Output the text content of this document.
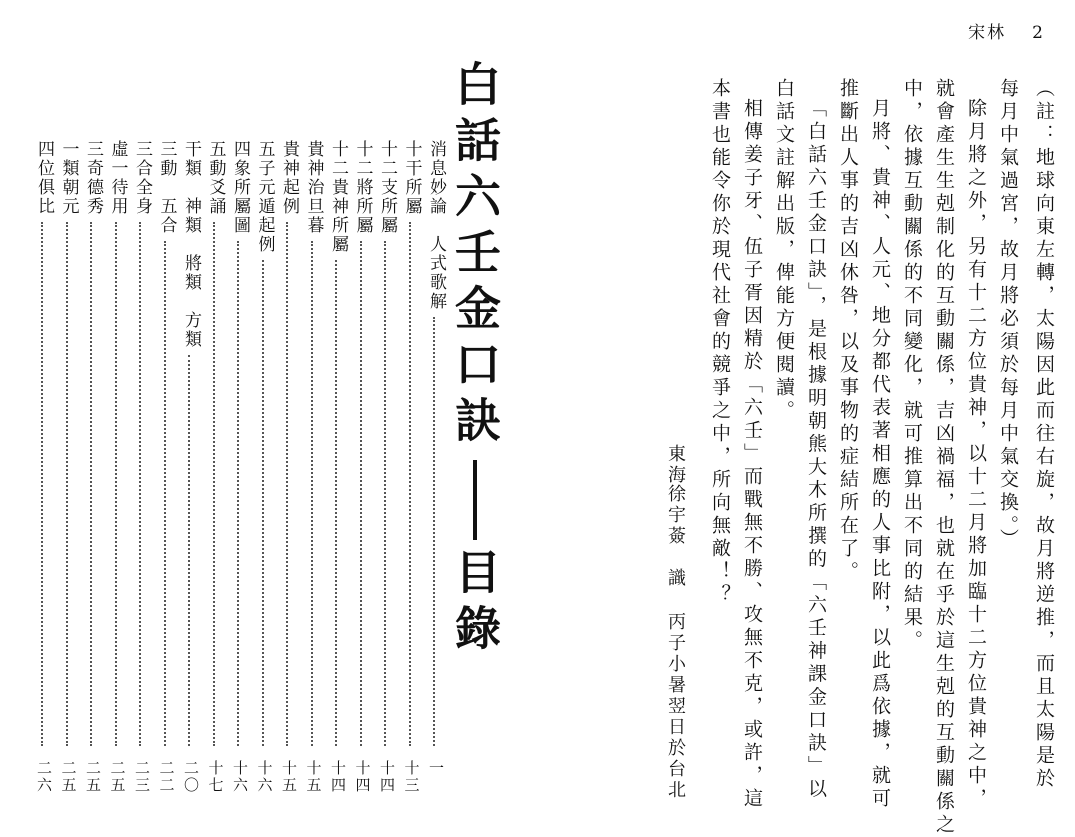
宋林 2
（註：地球向東左轉，太陽因此而往右旋，故月將逆推，而且太陽是於
每月中氣過宮，故月將必須於每月中氣交換。）
除月將之外，另有十二方位貴神，以十二月將加臨十二方位貴神之中，
就會產生生剋制化的互動關係，吉凶禍福，也就在乎於這生剋的互動關係之
中，依據互動關係的不同變化，就可推算出不同的結果。
月將、貴神、人元、地分都代表著相應的人事比附，以此爲依據，就可
推斷出人事的吉凶休咎，以及事物的症結所在了。
「白話六壬金口訣」，是根據明朝熊大木所撰的「六壬神課金口訣」以
白話文註解出版，俾能方便閱讀。
相傳姜子牙、伍子胥因精於「六壬」而戰無不勝、攻無不克，或許，這
本書也能令你於現代社會的競爭之中，所向無敵！？
東海
徐宇薟
識
丙子小暑翌日於台北
白話六壬金口訣目錄
消息妙論　人式歌解
一
十干所屬
十三
十二支所屬
十四
十二將所屬
十四
十二貴神所屬
十四
貴神治旦暮
十五
貴神起例
十五
五子元遁起例
十六
四象所屬圖
十六
五動爻誦
十七
干類　神類　將類　方類
二〇
三動　五合
二二
三合全身
二三
虛一待用
二五
三奇德秀
二五
一類朝元
二五
四位俱比
二六
